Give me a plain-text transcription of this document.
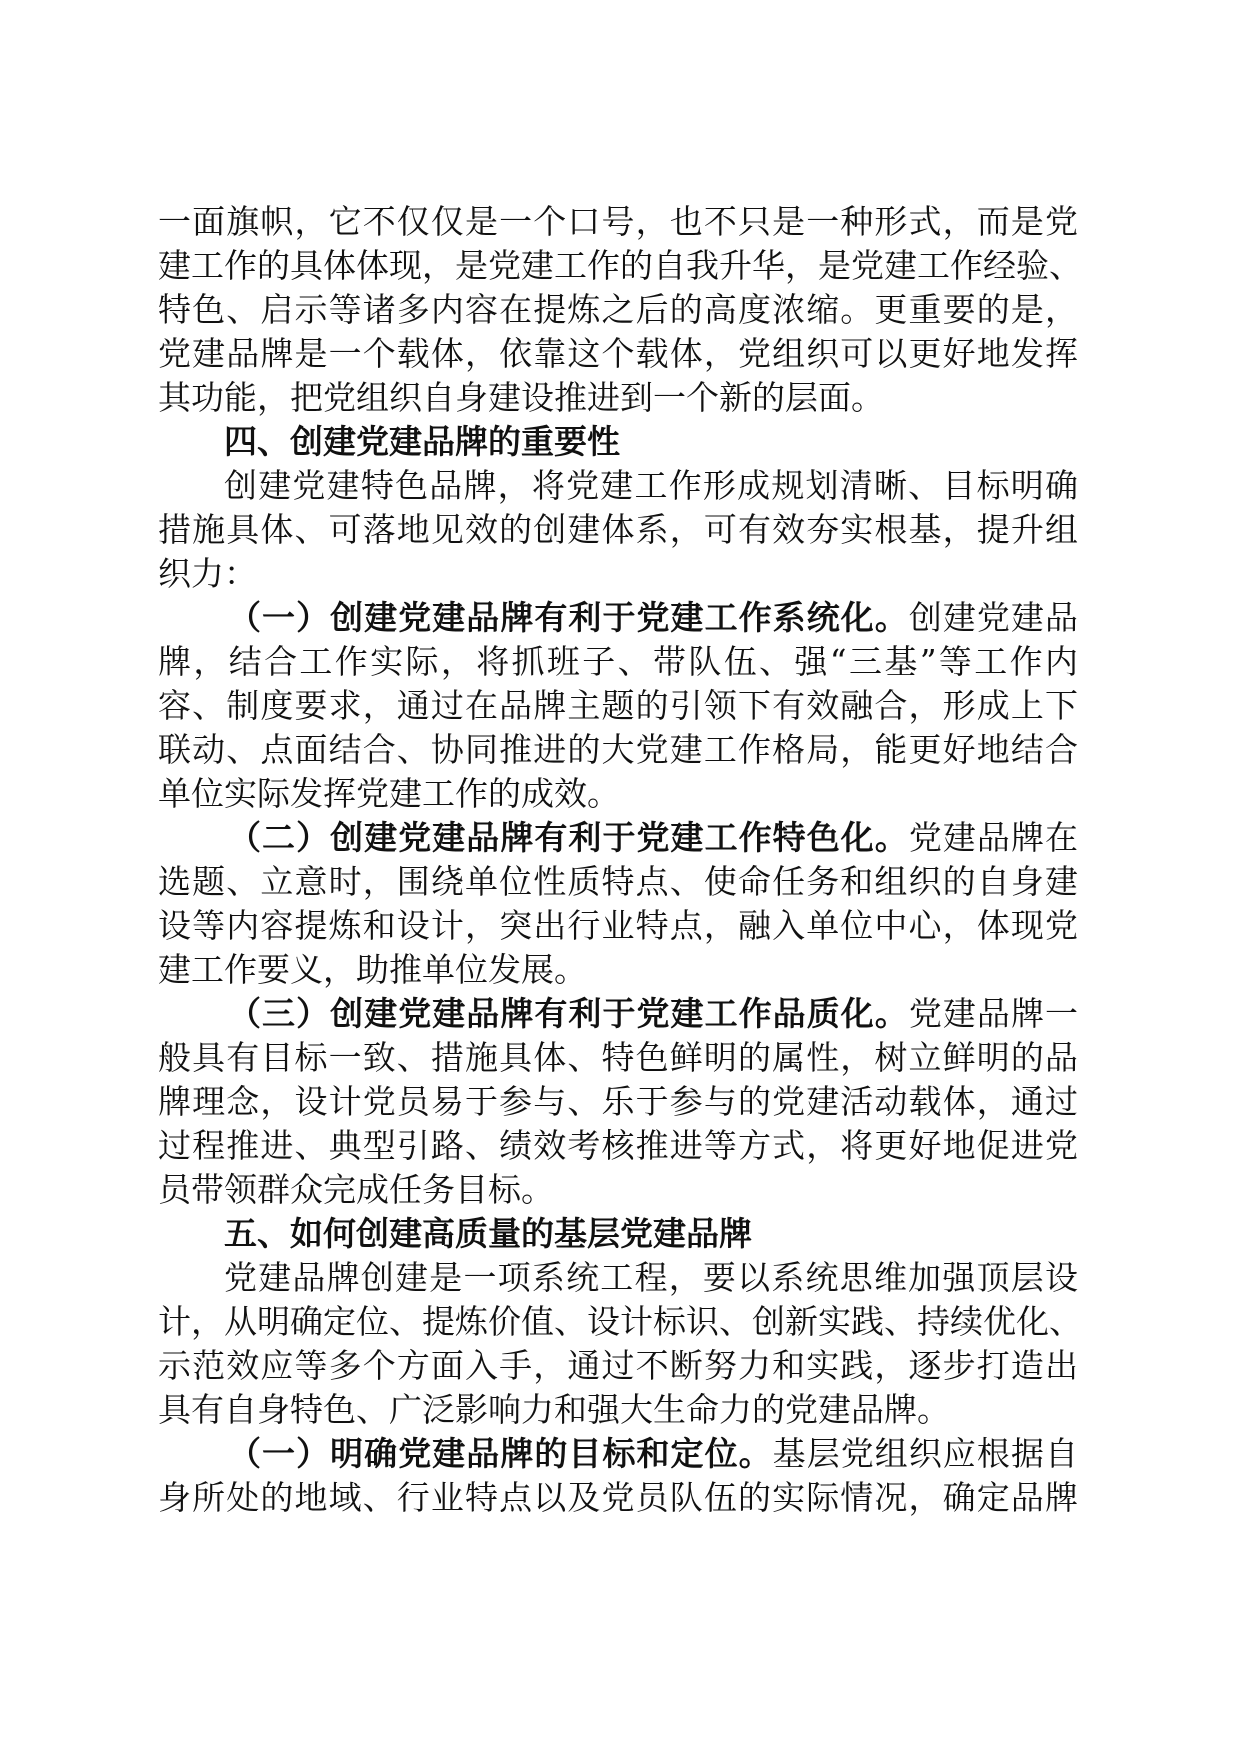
一面旗帜，它不仅仅是一个口号，也不只是一种形式，而是党
建工作的具体体现，是党建工作的自我升华，是党建工作经验、
特色、启示等诸多内容在提炼之后的高度浓缩。更重要的是，
党建品牌是一个载体，依靠这个载体，党组织可以更好地发挥
其功能，把党组织自身建设推进到一个新的层面。
四、创建党建品牌的重要性
创建党建特色品牌，将党建工作形成规划清晰、目标明确
措施具体、可落地见效的创建体系，可有效夯实根基，提升组
织力：
（一）创建党建品牌有利于党建工作系统化。创建党建品
牌，结合工作实际，将抓班子、带队伍、强“三基”等工作内
容、制度要求，通过在品牌主题的引领下有效融合，形成上下
联动、点面结合、协同推进的大党建工作格局，能更好地结合
单位实际发挥党建工作的成效。
（二）创建党建品牌有利于党建工作特色化。党建品牌在
选题、立意时，围绕单位性质特点、使命任务和组织的自身建
设等内容提炼和设计，突出行业特点，融入单位中心，体现党
建工作要义，助推单位发展。
（三）创建党建品牌有利于党建工作品质化。党建品牌一
般具有目标一致、措施具体、特色鲜明的属性，树立鲜明的品
牌理念，设计党员易于参与、乐于参与的党建活动载体，通过
过程推进、典型引路、绩效考核推进等方式，将更好地促进党
员带领群众完成任务目标。
五、如何创建高质量的基层党建品牌
党建品牌创建是一项系统工程，要以系统思维加强顶层设
计，从明确定位、提炼价值、设计标识、创新实践、持续优化、
示范效应等多个方面入手，通过不断努力和实践，逐步打造出
具有自身特色、广泛影响力和强大生命力的党建品牌。
（一）明确党建品牌的目标和定位。基层党组织应根据自
身所处的地域、行业特点以及党员队伍的实际情况，确定品牌
